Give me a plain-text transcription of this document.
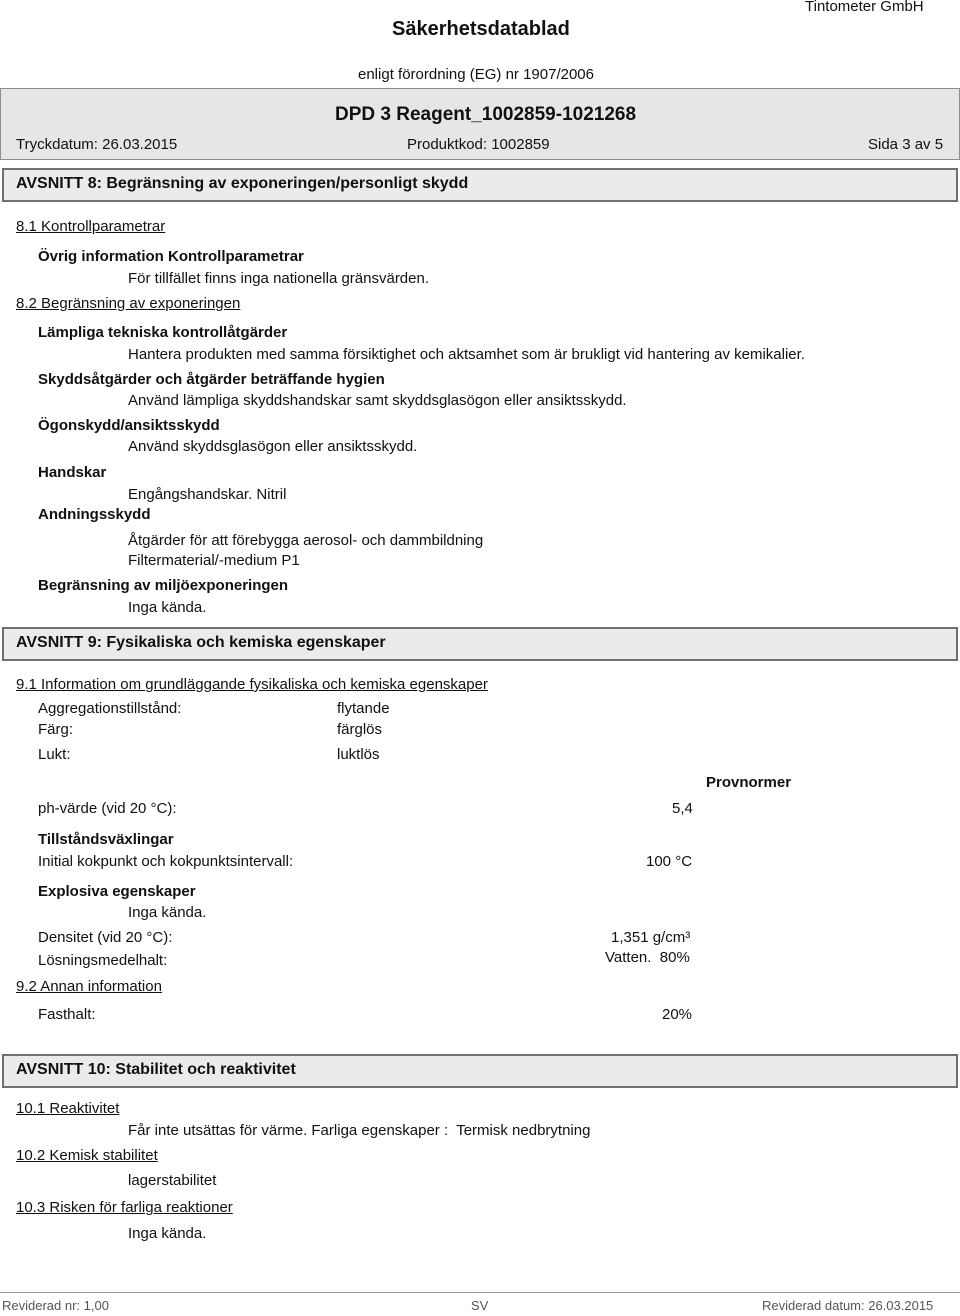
Säkerhetsdatablad
Tintometer GmbH
enligt förordning (EG) nr 1907/2006
DPD 3 Reagent_1002859-1021268
Tryckdatum: 26.03.2015	Produktkod: 1002859	Sida 3 av 5
AVSNITT 8: Begränsning av exponeringen/personligt skydd
8.1 Kontrollparametrar
Övrig information Kontrollparametrar
För tillfället finns inga nationella gränsvärden.
8.2 Begränsning av exponeringen
Lämpliga tekniska kontrollåtgärder
Hantera produkten med samma försiktighet och aktsamhet som är brukligt vid hantering av kemikalier.
Skyddsåtgärder och åtgärder beträffande hygien
Använd lämpliga skyddshandskar samt skyddsglasögon eller ansiktsskydd.
Ögonskydd/ansiktsskydd
Använd skyddsglasögon eller ansiktsskydd.
Handskar
Engångshandskar. Nitril
Andningsskydd
Åtgärder för att förebygga aerosol- och dammbildning
Filtermaterial/-medium P1
Begränsning av miljöexponeringen
Inga kända.
AVSNITT 9: Fysikaliska och kemiska egenskaper
9.1 Information om grundläggande fysikaliska och kemiska egenskaper
Aggregationstillstånd:	flytande
Färg:	färglös
Lukt:	luktlös
Provnormer
ph-värde (vid 20 °C):	5,4
Tillståndsväxlingar
Initial kokpunkt och kokpunktsintervall:	100 °C
Explosiva egenskaper
Inga kända.
Densitet (vid 20 °C):	1,351 g/cm³
Lösningsmedelhalt:	Vatten.  80%
9.2 Annan information
Fasthalt:	20%
AVSNITT 10: Stabilitet och reaktivitet
10.1 Reaktivitet
Får inte utsättas för värme. Farliga egenskaper :  Termisk nedbrytning
10.2 Kemisk stabilitet
lagerstabilitet
10.3 Risken för farliga reaktioner
Inga kända.
Reviderad nr: 1,00	SV	Reviderad datum: 26.03.2015
